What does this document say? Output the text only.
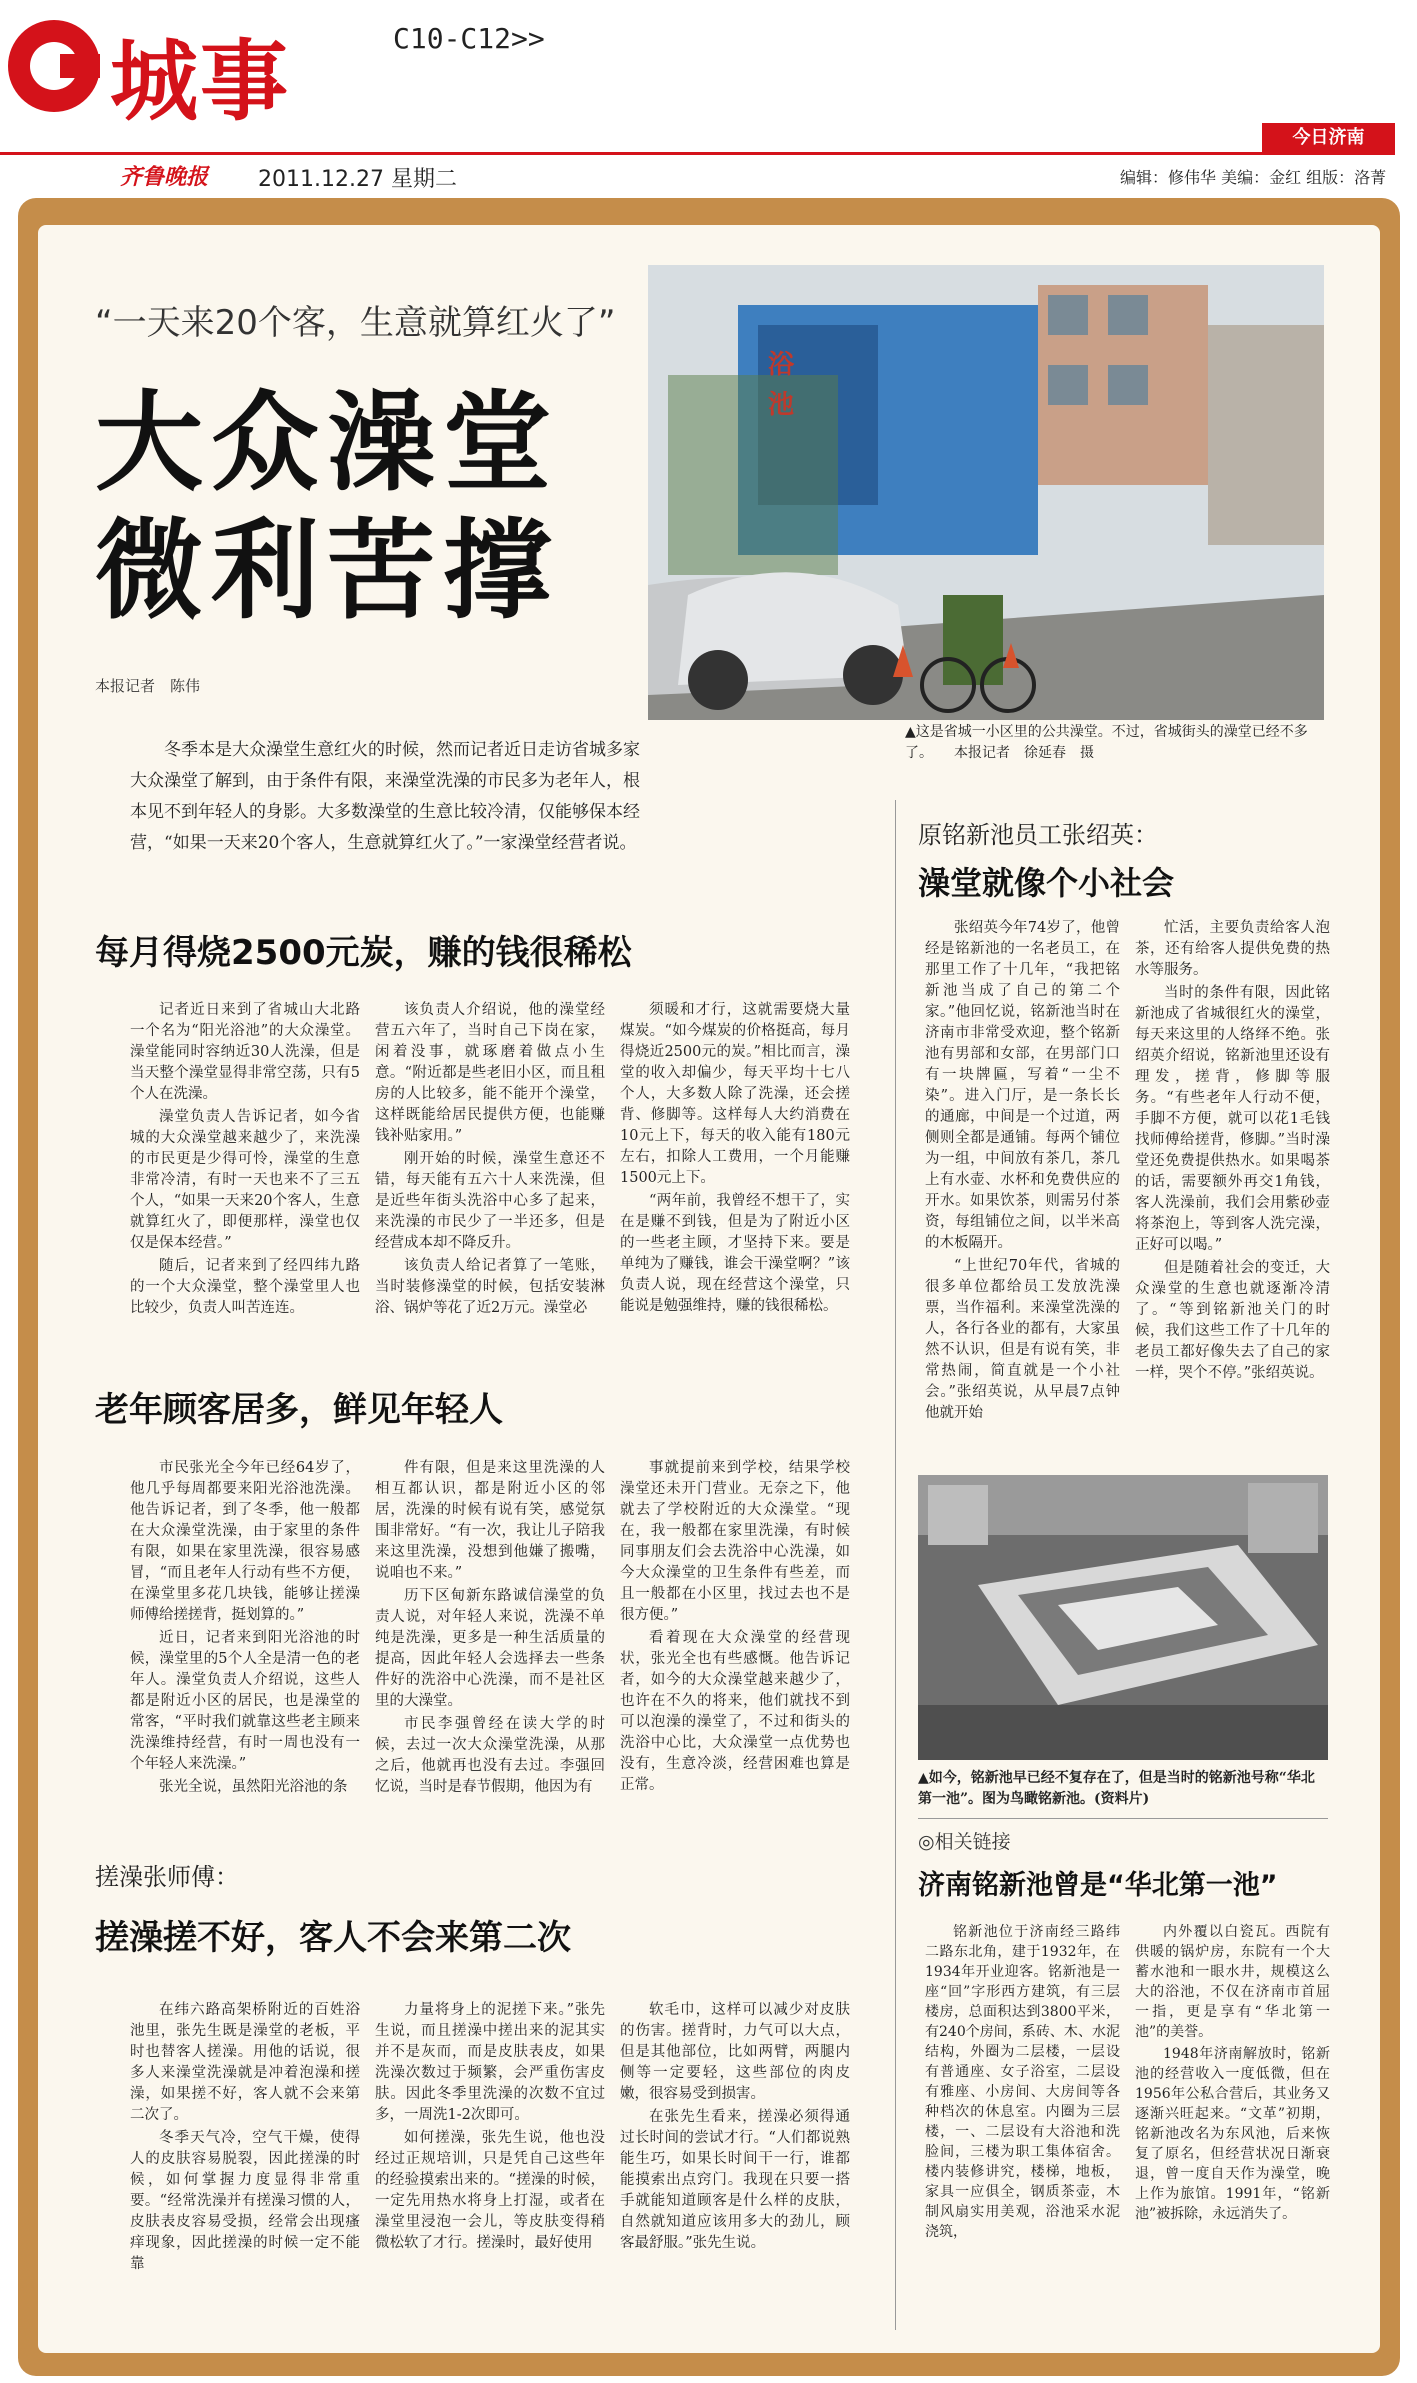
城事	C10-C12>>
今日济南
齐鲁晚报 2011.12.27 星期二	编辑：修伟华 美编：金红 组版：洛菁
“一天来20个客，生意就算红火了”
大众澡堂
微利苦撑
本报记者　陈伟
浴池
▲这是省城一小区里的公共澡堂。不过，省城街头的澡堂已经不多了。　　本报记者　徐延春　摄
冬季本是大众澡堂生意红火的时候，然而记者近日走访省城多家大众澡堂了解到，由于条件有限，来澡堂洗澡的市民多为老年人，根本见不到年轻人的身影。大多数澡堂的生意比较冷清，仅能够保本经营，“如果一天来20个客人，生意就算红火了。”一家澡堂经营者说。
每月得烧2500元炭，赚的钱很稀松

记者近日来到了省城山大北路一个名为“阳光浴池”的大众澡堂。澡堂能同时容纳近30人洗澡，但是当天整个澡堂显得非常空荡，只有5个人在洗澡。

澡堂负责人告诉记者，如今省城的大众澡堂越来越少了，来洗澡的市民更是少得可怜，澡堂的生意非常冷清，有时一天也来不了三五个人，“如果一天来20个客人，生意就算红火了，即便那样，澡堂也仅仅是保本经营。”

随后，记者来到了经四纬九路的一个大众澡堂，整个澡堂里人也比较少，负责人叫苦连连。

该负责人介绍说，他的澡堂经营五六年了，当时自己下岗在家，闲着没事，就琢磨着做点小生意。“附近都是些老旧小区，而且租房的人比较多，能不能开个澡堂，这样既能给居民提供方便，也能赚钱补贴家用。”

刚开始的时候，澡堂生意还不错，每天能有五六十人来洗澡，但是近些年街头洗浴中心多了起来，来洗澡的市民少了一半还多，但是经营成本却不降反升。

该负责人给记者算了一笔账，当时装修澡堂的时候，包括安装淋浴、锅炉等花了近2万元。澡堂必

须暖和才行，这就需要烧大量煤炭。“如今煤炭的价格挺高，每月得烧近2500元的炭。”相比而言，澡堂的收入却偏少，每天平均十七八个人，大多数人除了洗澡，还会搓背、修脚等。这样每人大约消费在10元上下，每天的收入能有180元左右，扣除人工费用，一个月能赚1500元上下。

“两年前，我曾经不想干了，实在是赚不到钱，但是为了附近小区的一些老主顾，才坚持下来。要是单纯为了赚钱，谁会干澡堂啊？”该负责人说，现在经营这个澡堂，只能说是勉强维持，赚的钱很稀松。

老年顾客居多，鲜见年轻人

市民张光全今年已经64岁了，他几乎每周都要来阳光浴池洗澡。他告诉记者，到了冬季，他一般都在大众澡堂洗澡，由于家里的条件有限，如果在家里洗澡，很容易感冒，“而且老年人行动有些不方便，在澡堂里多花几块钱，能够让搓澡师傅给搓搓背，挺划算的。”

近日，记者来到阳光浴池的时候，澡堂里的5个人全是清一色的老年人。澡堂负责人介绍说，这些人都是附近小区的居民，也是澡堂的常客，“平时我们就靠这些老主顾来洗澡维持经营，有时一周也没有一个年轻人来洗澡。”

张光全说，虽然阳光浴池的条

件有限，但是来这里洗澡的人相互都认识，都是附近小区的邻居，洗澡的时候有说有笑，感觉氛围非常好。“有一次，我让儿子陪我来这里洗澡，没想到他嫌了搬嘴，说咱也不来。”

历下区甸新东路诚信澡堂的负责人说，对年轻人来说，洗澡不单纯是洗澡，更多是一种生活质量的提高，因此年轻人会选择去一些条件好的洗浴中心洗澡，而不是社区里的大澡堂。

市民李强曾经在读大学的时候，去过一次大众澡堂洗澡，从那之后，他就再也没有去过。李强回忆说，当时是春节假期，他因为有

事就提前来到学校，结果学校澡堂还未开门营业。无奈之下，他就去了学校附近的大众澡堂。“现在，我一般都在家里洗澡，有时候同事朋友们会去洗浴中心洗澡，如今大众澡堂的卫生条件有些差，而且一般都在小区里，找过去也不是很方便。”

看着现在大众澡堂的经营现状，张光全也有些感慨。他告诉记者，如今的大众澡堂越来越少了，也许在不久的将来，他们就找不到可以泡澡的澡堂了，不过和街头的洗浴中心比，大众澡堂一点优势也没有，生意冷淡，经营困难也算是正常。

搓澡张师傅：
搓澡搓不好，客人不会来第二次

在纬六路高架桥附近的百姓浴池里，张先生既是澡堂的老板，平时也替客人搓澡。用他的话说，很多人来澡堂洗澡就是冲着泡澡和搓澡，如果搓不好，客人就不会来第二次了。

冬季天气冷，空气干燥，使得人的皮肤容易脱裂，因此搓澡的时候，如何掌握力度显得非常重要。“经常洗澡并有搓澡习惯的人，皮肤表皮容易受损，经常会出现瘙痒现象，因此搓澡的时候一定不能靠

力量将身上的泥搓下来。”张先生说，而且搓澡中搓出来的泥其实并不是灰而，而是皮肤表皮，如果洗澡次数过于频繁，会严重伤害皮肤。因此冬季里洗澡的次数不宜过多，一周洗1-2次即可。

如何搓澡，张先生说，他也没经过正规培训，只是凭自己这些年的经验摸索出来的。“搓澡的时候，一定先用热水将身上打湿，或者在澡堂里浸泡一会儿，等皮肤变得稍微松软了才行。搓澡时，最好使用

软毛巾，这样可以减少对皮肤的伤害。搓背时，力气可以大点，但是其他部位，比如两臂，两腿内侧等一定要轻，这些部位的肉皮嫩，很容易受到损害。

在张先生看来，搓澡必须得通过长时间的尝试才行。“人们都说熟能生巧，如果长时间干一行，谁都能摸索出点窍门。我现在只要一搭手就能知道顾客是什么样的皮肤，自然就知道应该用多大的劲儿，顾客最舒服。”张先生说。

原铭新池员工张绍英：
澡堂就像个小社会

张绍英今年74岁了，他曾经是铭新池的一名老员工，在那里工作了十几年，“我把铭新池当成了自己的第二个家。”他回忆说，铭新池当时在济南市非常受欢迎，整个铭新池有男部和女部，在男部门口有一块牌匾，写着“一尘不染”。进入门厅，是一条长长的通廊，中间是一个过道，两侧则全都是通铺。每两个铺位为一组，中间放有茶几，茶几上有水壶、水杯和免费供应的开水。如果饮茶，则需另付茶资，每组铺位之间，以半米高的木板隔开。

“上世纪70年代，省城的很多单位都给员工发放洗澡票，当作福利。来澡堂洗澡的人，各行各业的都有，大家虽然不认识，但是有说有笑，非常热闹，简直就是一个小社会。”张绍英说，从早晨7点钟他就开始

忙活，主要负责给客人泡茶，还有给客人提供免费的热水等服务。

当时的条件有限，因此铭新池成了省城很红火的澡堂，每天来这里的人络绎不绝。张绍英介绍说，铭新池里还设有理发，搓背，修脚等服务。“有些老年人行动不便，手脚不方便，就可以花1毛钱找师傅给搓背，修脚。”当时澡堂还免费提供热水。如果喝茶的话，需要额外再交1角钱，客人洗澡前，我们会用紫砂壶将茶泡上，等到客人洗完澡，正好可以喝。”

但是随着社会的变迁，大众澡堂的生意也就逐渐冷清了。“等到铭新池关门的时候，我们这些工作了十几年的老员工都好像失去了自己的家一样，哭个不停。”张绍英说。

▲如今，铭新池早已经不复存在了，但是当时的铭新池号称“华北第一池”。图为鸟瞰铭新池。(资料片)
◎相关链接
济南铭新池曾是“华北第一池”

铭新池位于济南经三路纬二路东北角，建于1932年，在1934年开业迎客。铭新池是一座“回”字形西方建筑，有三层楼房，总面积达到3800平米，有240个房间，系砖、木、水泥结构，外圈为二层楼，一层设有普通座、女子浴室，二层设有雅座、小房间、大房间等各种档次的休息室。内圈为三层楼，一、二层设有大浴池和洗脸间，三楼为职工集体宿舍。楼内装修讲究，楼梯，地板，家具一应俱全，钢质茶壶，木制风扇实用美观，浴池采水泥浇筑，

内外覆以白瓷瓦。西院有供暖的锅炉房，东院有一个大蓄水池和一眼水井，规模这么大的浴池，不仅在济南市首屈一指，更是享有“华北第一池”的美誉。

1948年济南解放时，铭新池的经营收入一度低微，但在1956年公私合营后，其业务又逐渐兴旺起来。“文革”初期，铭新池改名为东风池，后来恢复了原名，但经营状况日渐衰退，曾一度自天作为澡堂，晚上作为旅馆。1991年，“铭新池”被拆除，永远消失了。
